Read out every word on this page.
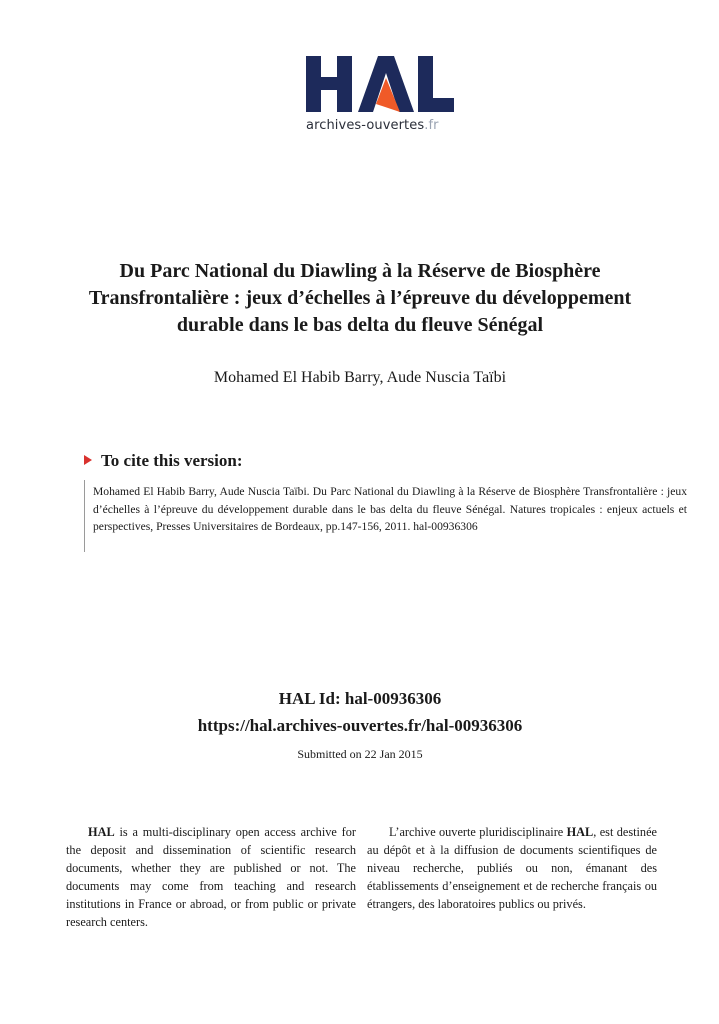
archives-ouvertes.fr
Du Parc National du Diawling à la Réserve de Biosphère Transfrontalière : jeux d’échelles à l’épreuve du développement durable dans le bas delta du fleuve Sénégal

Mohamed El Habib Barry, Aude Nuscia Taïbi

To cite this version:

Mohamed El Habib Barry, Aude Nuscia Taïbi. Du Parc National du Diawling à la Réserve de Biosphère Transfrontalière : jeux d’échelles à l’épreuve du développement durable dans le bas delta du fleuve Sénégal. Natures tropicales : enjeux actuels et perspectives, Presses Universitaires de Bordeaux, pp.147-156, 2011. hal-00936306

HAL Id: hal-00936306

https://hal.archives-ouvertes.fr/hal-00936306

Submitted on 22 Jan 2015

HAL is a multi-disciplinary open access archive for the deposit and dissemination of scientific research documents, whether they are published or not. The documents may come from teaching and research institutions in France or abroad, or from public or private research centers.

L’archive ouverte pluridisciplinaire HAL, est destinée au dépôt et à la diffusion de documents scientifiques de niveau recherche, publiés ou non, émanant des établissements d’enseignement et de recherche français ou étrangers, des laboratoires publics ou privés.
